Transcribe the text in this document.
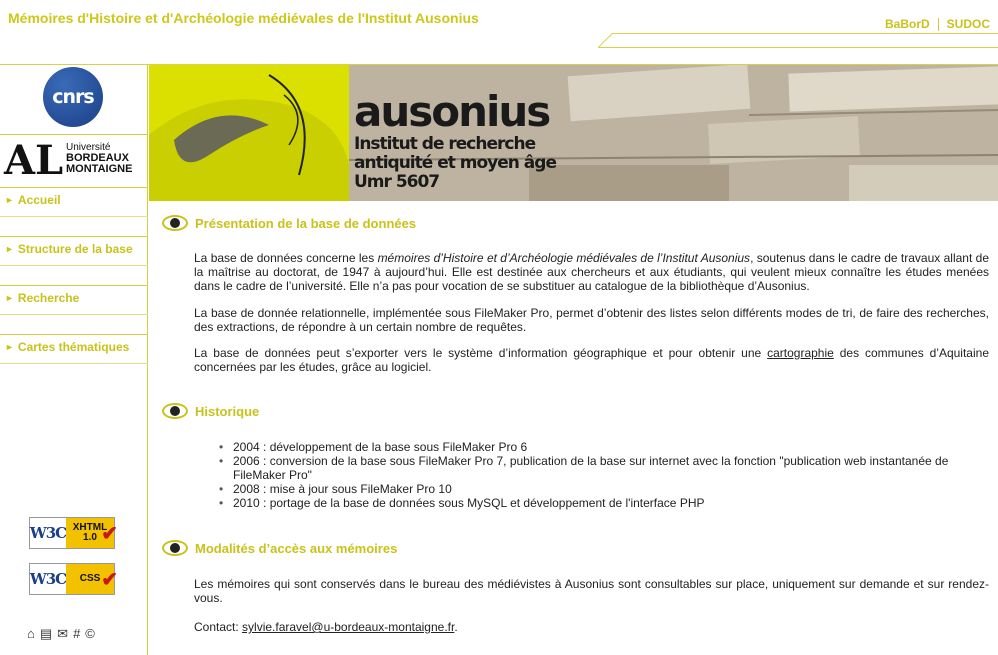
Mémoires d'Histoire et d'Archéologie médiévales de l'Institut Ausonius	BaBorD	SUDOC
cnrs
AL Université
BORDEAUX
MONTAIGNE
► Accueil
► Structure de la base
► Recherche
► Cartes thématiques
W3C XHTML 1.0 ✔
W3C	CSS ✔
⌂ ▤ ✉ # ©
ausonius
Institut de recherche
antiquité et moyen âge
Umr 5607
Présentation de la base de données

La base de données concerne les mémoires d’Histoire et d’Archéologie médiévales de l’Institut Ausonius, soutenus dans le cadre de travaux allant de la maîtrise au doctorat, de 1947 à aujourd’hui. Elle est destinée aux chercheurs et aux étudiants, qui veulent mieux connaître les études menées dans le cadre de l’université. Elle n’a pas pour vocation de se substituer au catalogue de la bibliothèque d’Ausonius.

La base de donnée relationnelle, implémentée sous FileMaker Pro, permet d’obtenir des listes selon différents modes de tri, de faire des recherches, des extractions, de répondre à un certain nombre de requêtes.

La base de données peut s’exporter vers le système d’information géographique et pour obtenir une cartographie des communes d’Aquitaine concernées par les études, grâce au logiciel.

Historique
• 2004 : développement de la base sous FileMaker Pro 6
• 2006 : conversion de la base sous FileMaker Pro 7, publication de la base sur internet avec la fonction "publication web instantanée de FileMaker Pro"
• 2008 : mise à jour sous FileMaker Pro 10
• 2010 : portage de la base de données sous MySQL et développement de l'interface PHP
Modalités d’accès aux mémoires

Les mémoires qui sont conservés dans le bureau des médiévistes à Ausonius sont consultables sur place, uniquement sur demande et sur rendez-vous.

Contact: sylvie.faravel@u-bordeaux-montaigne.fr.
